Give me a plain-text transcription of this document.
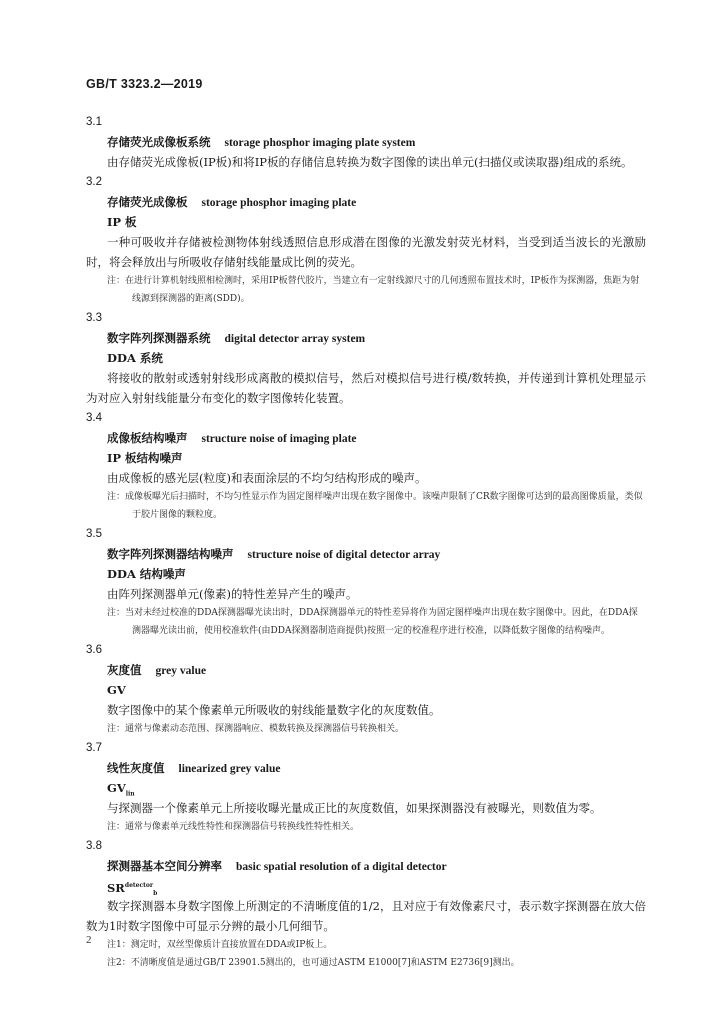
GB/T 3323.2—2019
3.1
存储荧光成像板系统 storage phosphor imaging plate system

由存储荧光成像板(IP板)和将IP板的存储信息转换为数字图像的读出单元(扫描仪或读取器)组成的系统。

3.2
存储荧光成像板 storage phosphor imaging plate
IP 板

一种可吸收并存储被检测物体射线透照信息形成潜在图像的光激发射荧光材料，当受到适当波长的光激励时，将会释放出与所吸收存储射线能量成比例的荧光。

注：在进行计算机射线照相检测时，采用IP板替代胶片，当建立有一定射线源尺寸的几何透照布置技术时，IP板作为探测器，焦距为射线源到探测器的距离(SDD)。

3.3
数字阵列探测器系统 digital detector array system
DDA 系统

将接收的散射或透射射线形成离散的模拟信号，然后对模拟信号进行模/数转换，并传递到计算机处理显示为对应入射射线能量分布变化的数字图像转化装置。

3.4
成像板结构噪声 structure noise of imaging plate
IP 板结构噪声

由成像板的感光层(粒度)和表面涂层的不均匀结构形成的噪声。

注：成像板曝光后扫描时，不均匀性显示作为固定图样噪声出现在数字图像中。该噪声限制了CR数字图像可达到的最高图像质量，类似于胶片图像的颗粒度。

3.5
数字阵列探测器结构噪声 structure noise of digital detector array
DDA 结构噪声

由阵列探测器单元(像素)的特性差异产生的噪声。

注：当对未经过校准的DDA探测器曝光读出时，DDA探测器单元的特性差异将作为固定图样噪声出现在数字图像中。因此，在DDA探测器曝光读出前，使用校准软件(由DDA探测器制造商提供)按照一定的校准程序进行校准，以降低数字图像的结构噪声。

3.6
灰度值 grey value
GV

数字图像中的某个像素单元所吸收的射线能量数字化的灰度数值。

注：通常与像素动态范围、探测器响应、模数转换及探测器信号转换相关。

3.7
线性灰度值 linearized grey value
$GV_{lin}$

与探测器一个像素单元上所接收曝光量成正比的灰度数值，如果探测器没有被曝光，则数值为零。

注：通常与像素单元线性特性和探测器信号转换线性特性相关。

3.8
探测器基本空间分辨率 basic spatial resolution of a digital detector
$SR^{detector}_b$

数字探测器本身数字图像上所测定的不清晰度值的1/2，且对应于有效像素尺寸，表示数字探测器在放大倍数为1时数字图像中可显示分辨的最小几何细节。

注1：测定时，双丝型像质计直接放置在DDA或IP板上。

注2：不清晰度值是通过GB/T 23901.5测出的，也可通过ASTM E1000[7]和ASTM E2736[9]测出。

2
